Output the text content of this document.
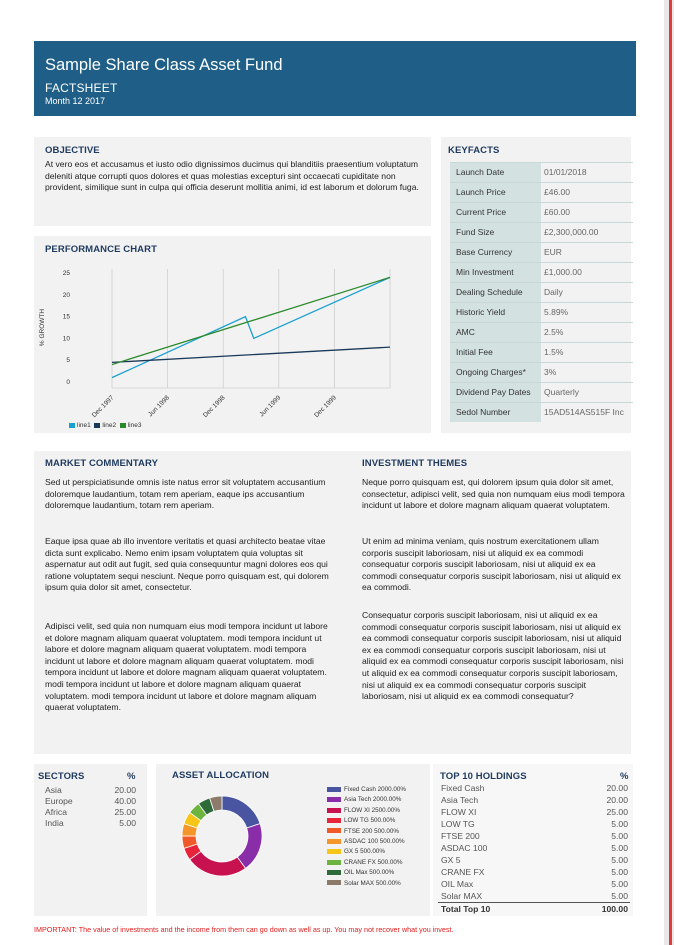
Sample Share Class Asset Fund
FACTSHEET
Month 12 2017
OBJECTIVE

At vero eos et accusamus et iusto odio dignissimos ducimus qui blanditiis praesentium voluptatum deleniti atque corrupti quos dolores et quas molestias excepturi sint occaecati cupiditate non provident, similique sunt in culpa qui officia deserunt mollitia animi, id est laborum et dolorum fuga.

KEYFACTS
Launch Date	01/01/2018
Launch Price	£46.00
Current Price	£60.00
Fund Size	£2,300,000.00
Base Currency	EUR
Min Investment	£1,000.00
Dealing Schedule	Daily
Historic Yield	5.89%
AMC	2.5%
Initial Fee	1.5%
Ongoing Charges*	3%
Dividend Pay Dates	Quarterly
Sedol Number	15AD514AS515F Inc
PERFORMANCE CHART
0
5
10
15
20
25
% GROWTH
Dec 1997	Jun 1998	Dec 1998	Jun 1999	Dec 1999
line1 line2 line3
MARKET COMMENTARY	INVESTMENT THEMES

Sed ut perspiciatisunde omnis iste natus error sit voluptatem accusantium doloremque laudantium, totam rem aperiam, eaque ips accusantium doloremque laudantium, totam rem aperiam.

Eaque ipsa quae ab illo inventore veritatis et quasi architecto beatae vitae dicta sunt explicabo. Nemo enim ipsam voluptatem quia voluptas sit aspernatur aut odit aut fugit, sed quia consequuntur magni dolores eos qui ratione voluptatem sequi nesciunt. Neque porro quisquam est, qui dolorem ipsum quia dolor sit amet, consectetur.

Adipisci velit, sed quia non numquam eius modi tempora incidunt ut labore et dolore magnam aliquam quaerat voluptatem. modi tempora incidunt ut labore et dolore magnam aliquam quaerat voluptatem. modi tempora incidunt ut labore et dolore magnam aliquam quaerat voluptatem. modi tempora incidunt ut labore et dolore magnam aliquam quaerat voluptatem. modi tempora incidunt ut labore et dolore magnam aliquam quaerat voluptatem. modi tempora incidunt ut labore et dolore magnam aliquam quaerat voluptatem.

Neque porro quisquam est, qui dolorem ipsum quia dolor sit amet, consectetur, adipisci velit, sed quia non numquam eius modi tempora incidunt ut labore et dolore magnam aliquam quaerat voluptatem.

Ut enim ad minima veniam, quis nostrum exercitationem ullam corporis suscipit laboriosam, nisi ut aliquid ex ea commodi consequatur corporis suscipit laboriosam, nisi ut aliquid ex ea commodi consequatur corporis suscipit laboriosam, nisi ut aliquid ex ea commodi.

Consequatur corporis suscipit laboriosam, nisi ut aliquid ex ea commodi consequatur corporis suscipit laboriosam, nisi ut aliquid ex ea commodi consequatur corporis suscipit laboriosam, nisi ut aliquid ex ea commodi consequatur corporis suscipit laboriosam, nisi ut aliquid ex ea commodi consequatur corporis suscipit laboriosam, nisi ut aliquid ex ea commodi consequatur corporis suscipit laboriosam, nisi ut aliquid ex ea commodi consequatur corporis suscipit laboriosam, nisi ut aliquid ex ea commodi consequatur?

SECTORS	%
Asia	20.00
Europe	40.00
Africa	25.00
India	5.00
ASSET ALLOCATION
Fixed Cash 2000.00%
Asia Tech 2000.00%
FLOW XI 2500.00%
LOW TG 500.00%
FTSE 200 500.00%
ASDAC 100 500.00%
GX 5 500.00%
CRANE FX 500.00%
OIL Max 500.00%
Solar MAX 500.00%
TOP 10 HOLDINGS	%
Fixed Cash	20.00
Asia Tech	20.00
FLOW XI	25.00
LOW TG	5.00
FTSE 200	5.00
ASDAC 100	5.00
GX 5	5.00
CRANE FX	5.00
OIL Max	5.00
Solar MAX	5.00
Total Top 10	100.00
IMPORTANT: The value of investments and the income from them can go down as well as up. You may not recover what you invest.
